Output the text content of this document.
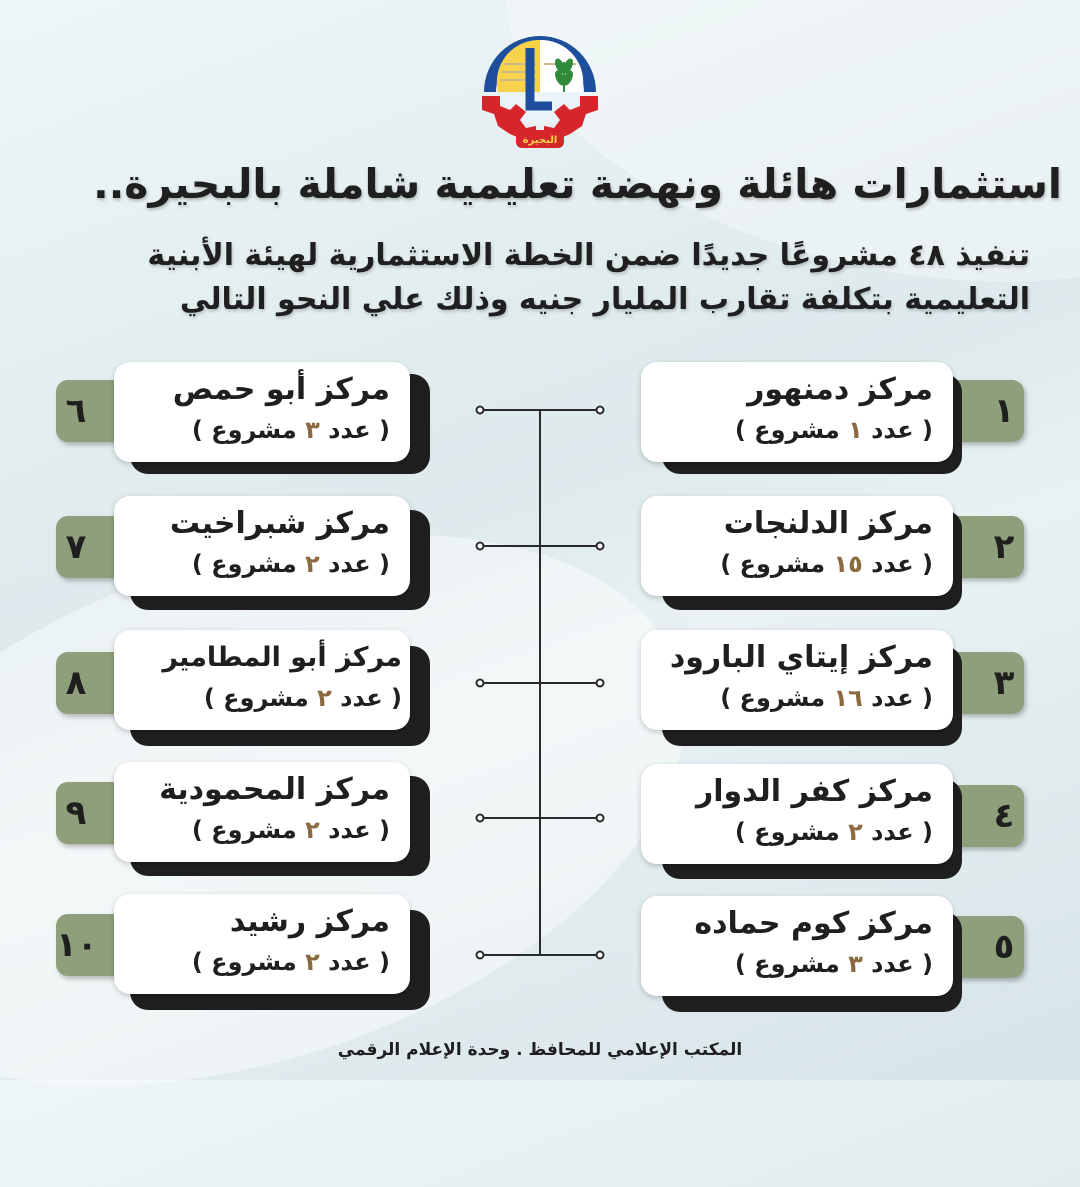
البحيرة
استثمارات هائلة ونهضة تعليمية شاملة بالبحيرة..
تنفيذ ٤٨ مشروعًا جديدًا ضمن الخطة الاستثمارية لهيئة الأبنية
التعليمية بتكلفة تقارب المليار جنيه وذلك علي النحو التالي
١
مركز دمنهور
( عدد ١ مشروع )
٢
مركز الدلنجات
( عدد ١٥ مشروع )
٣
مركز إيتاي البارود
( عدد ١٦ مشروع )
٤
مركز كفر الدوار
( عدد ٢ مشروع )
٥
مركز كوم حماده
( عدد ٣ مشروع )
٦
مركز أبو حمص
( عدد ٣ مشروع )
٧
مركز شبراخيت
( عدد ٢ مشروع )
٨
مركز أبو المطامير
( عدد ٢ مشروع )
٩
مركز المحمودية
( عدد ٢ مشروع )
١٠
مركز رشيد
( عدد ٢ مشروع )
المكتب الإعلامي للمحافظ . وحدة الإعلام الرقمي
